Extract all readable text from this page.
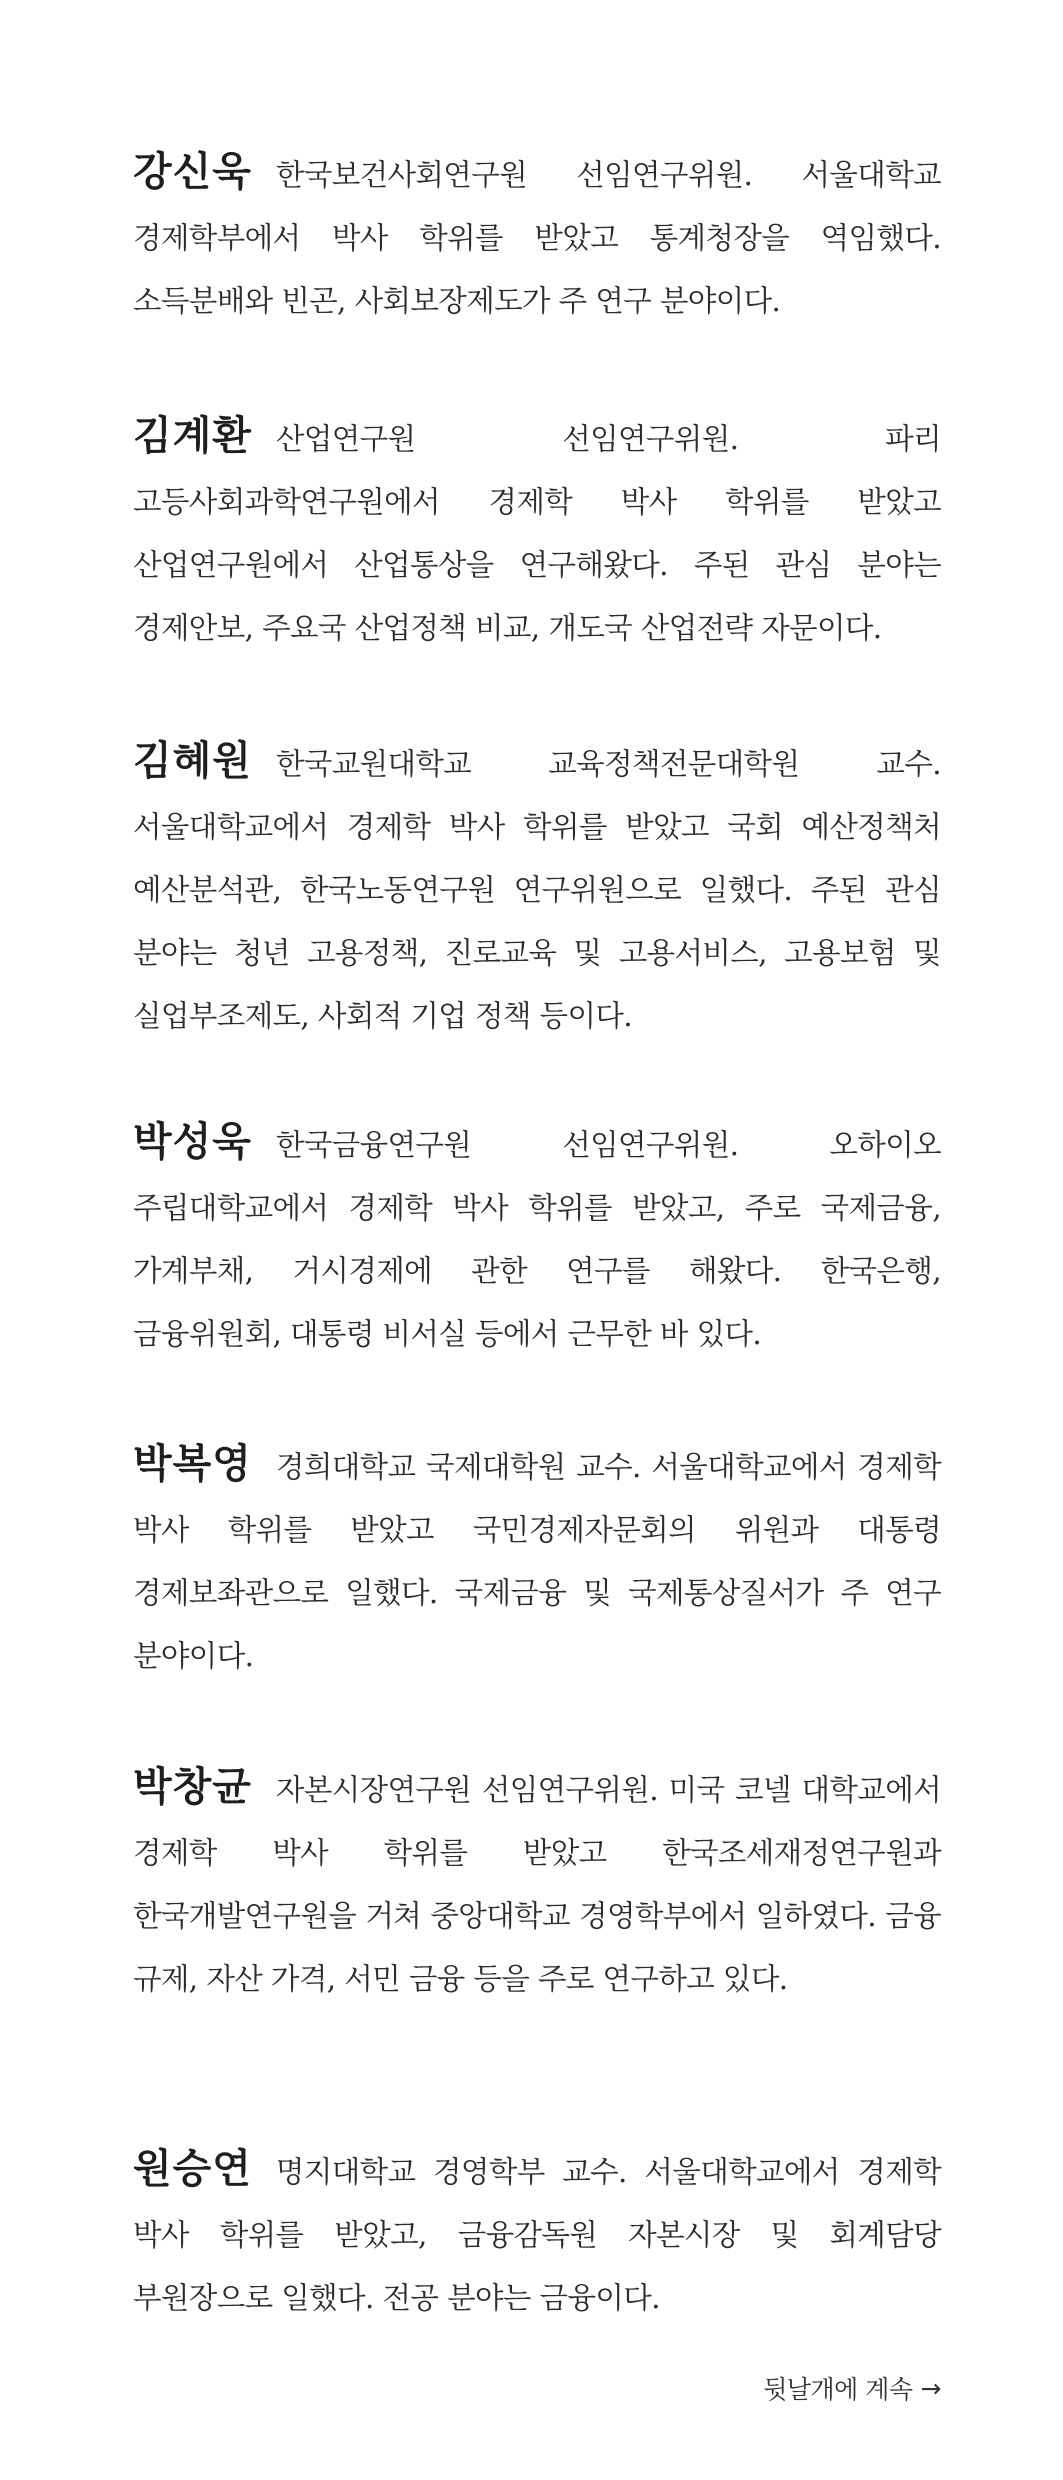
강신욱 한국보건사회연구원 선임연구위원. 서울대학교 경제학부에서 박사 학위를 받았고 통계청장을 역임했다. 소득분배와 빈곤, 사회보장제도가 주 연구 분야이다.

김계환 산업연구원 선임연구위원. 파리 고등사회과학연구원에서 경제학 박사 학위를 받았고 산업연구원에서 산업통상을 연구해왔다. 주된 관심 분야는 경제안보, 주요국 산업정책 비교, 개도국 산업전략 자문이다.

김혜원 한국교원대학교 교육정책전문대학원 교수. 서울대학교에서 경제학 박사 학위를 받았고 국회 예산정책처 예산분석관, 한국노동연구원 연구위원으로 일했다. 주된 관심 분야는 청년 고용정책, 진로교육 및 고용서비스, 고용보험 및 실업부조제도, 사회적 기업 정책 등이다.

박성욱 한국금융연구원 선임연구위원. 오하이오 주립대학교에서 경제학 박사 학위를 받았고, 주로 국제금융, 가계부채, 거시경제에 관한 연구를 해왔다. 한국은행, 금융위원회, 대통령 비서실 등에서 근무한 바 있다.

박복영 경희대학교 국제대학원 교수. 서울대학교에서 경제학 박사 학위를 받았고 국민경제자문회의 위원과 대통령 경제보좌관으로 일했다. 국제금융 및 국제통상질서가 주 연구 분야이다.

박창균 자본시장연구원 선임연구위원. 미국 코넬 대학교에서 경제학 박사 학위를 받았고 한국조세재정연구원과 한국개발연구원을 거쳐 중앙대학교 경영학부에서 일하였다. 금융 규제, 자산 가격, 서민 금융 등을 주로 연구하고 있다.

원승연 명지대학교 경영학부 교수. 서울대학교에서 경제학 박사 학위를 받았고, 금융감독원 자본시장 및 회계담당 부원장으로 일했다. 전공 분야는 금융이다.

뒷날개에 계속 →
